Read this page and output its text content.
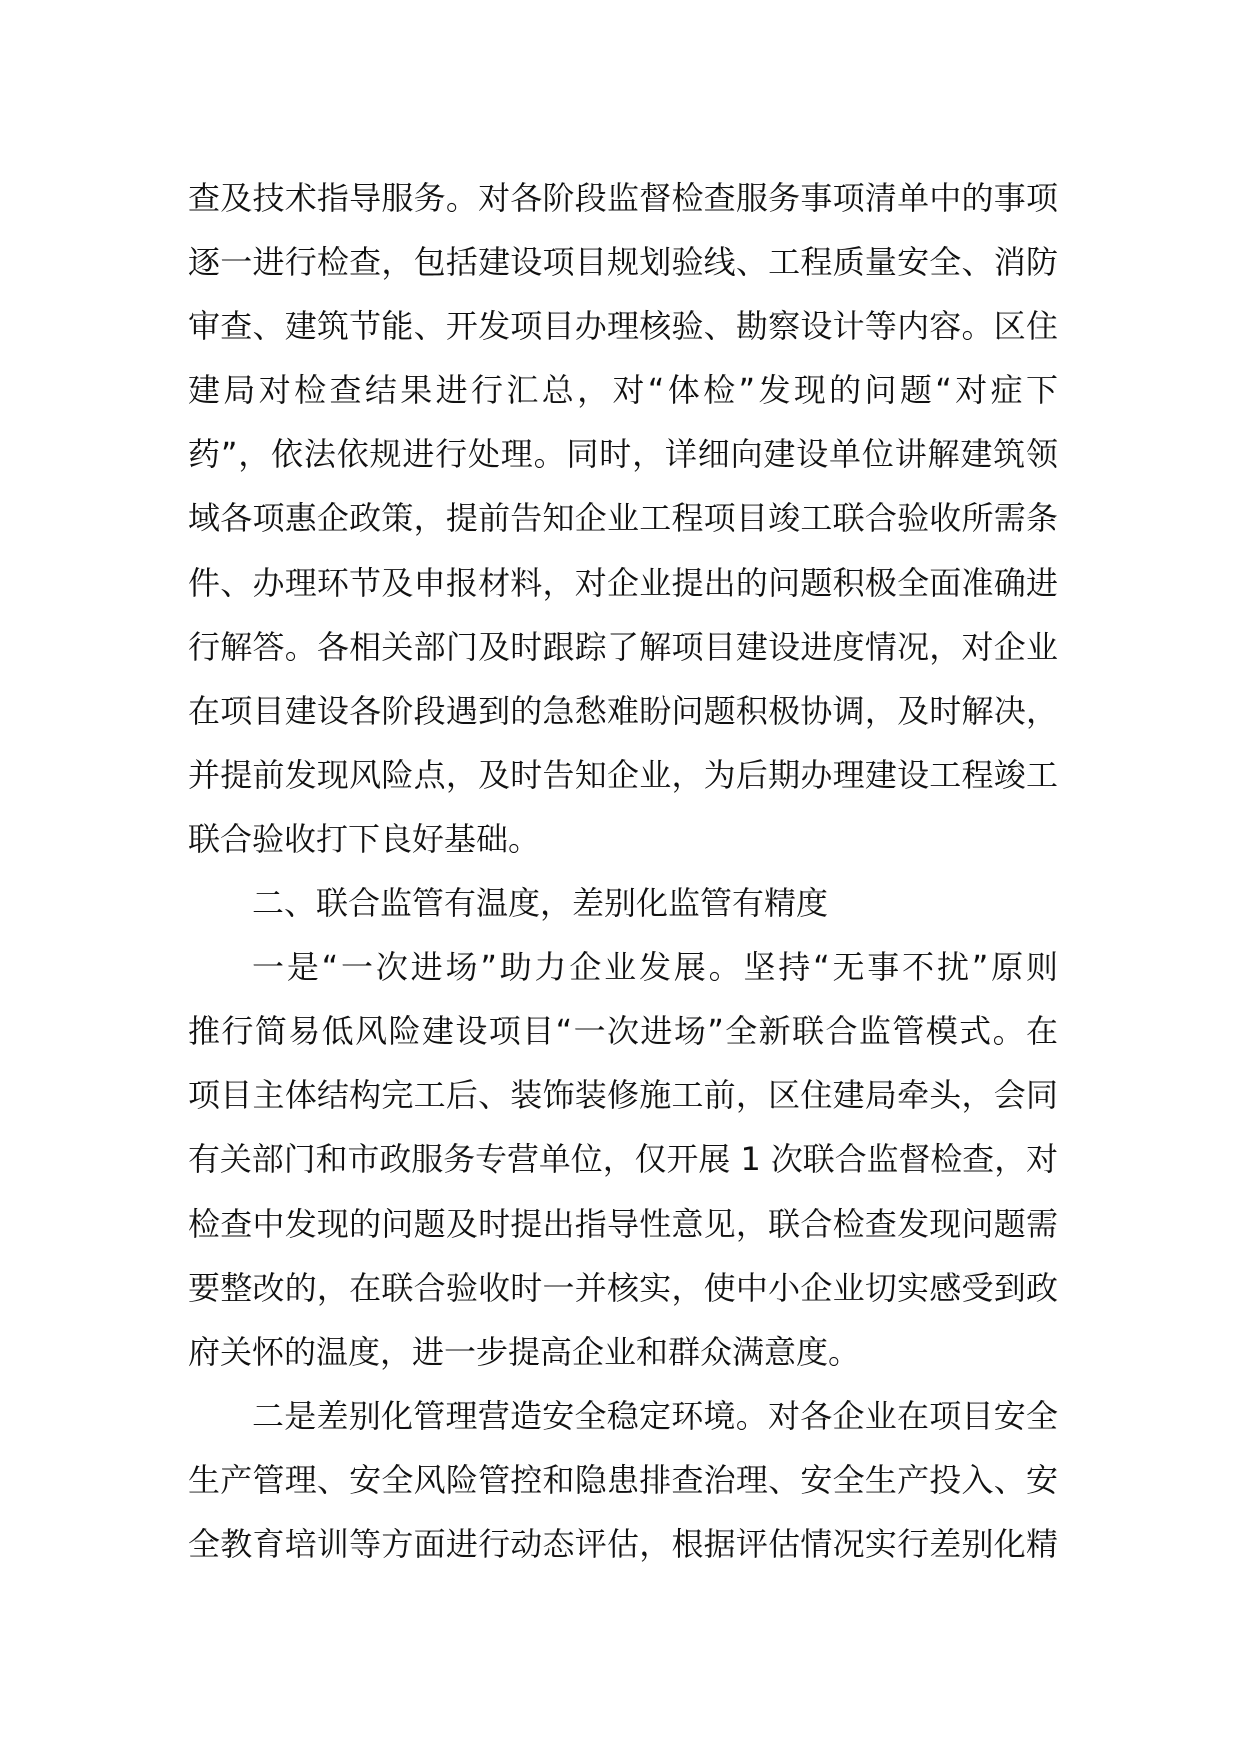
查及技术指导服务。对各阶段监督检查服务事项清单中的事项
逐一进行检查，包括建设项目规划验线、工程质量安全、消防
审查、建筑节能、开发项目办理核验、勘察设计等内容。区住
建局对检查结果进行汇总，对“体检”发现的问题“对症下
药”，依法依规进行处理。同时，详细向建设单位讲解建筑领
域各项惠企政策，提前告知企业工程项目竣工联合验收所需条
件、办理环节及申报材料，对企业提出的问题积极全面准确进
行解答。各相关部门及时跟踪了解项目建设进度情况，对企业
在项目建设各阶段遇到的急愁难盼问题积极协调，及时解决，
并提前发现风险点，及时告知企业，为后期办理建设工程竣工
联合验收打下良好基础。
二、联合监管有温度，差别化监管有精度
一是“一次进场”助力企业发展。坚持“无事不扰”原则
推行简易低风险建设项目“一次进场”全新联合监管模式。在
项目主体结构完工后、装饰装修施工前，区住建局牵头，会同
有关部门和市政服务专营单位，仅开展 1 次联合监督检查，对
检查中发现的问题及时提出指导性意见，联合检查发现问题需
要整改的，在联合验收时一并核实，使中小企业切实感受到政
府关怀的温度，进一步提高企业和群众满意度。
二是差别化管理营造安全稳定环境。对各企业在项目安全
生产管理、安全风险管控和隐患排查治理、安全生产投入、安
全教育培训等方面进行动态评估，根据评估情况实行差别化精
